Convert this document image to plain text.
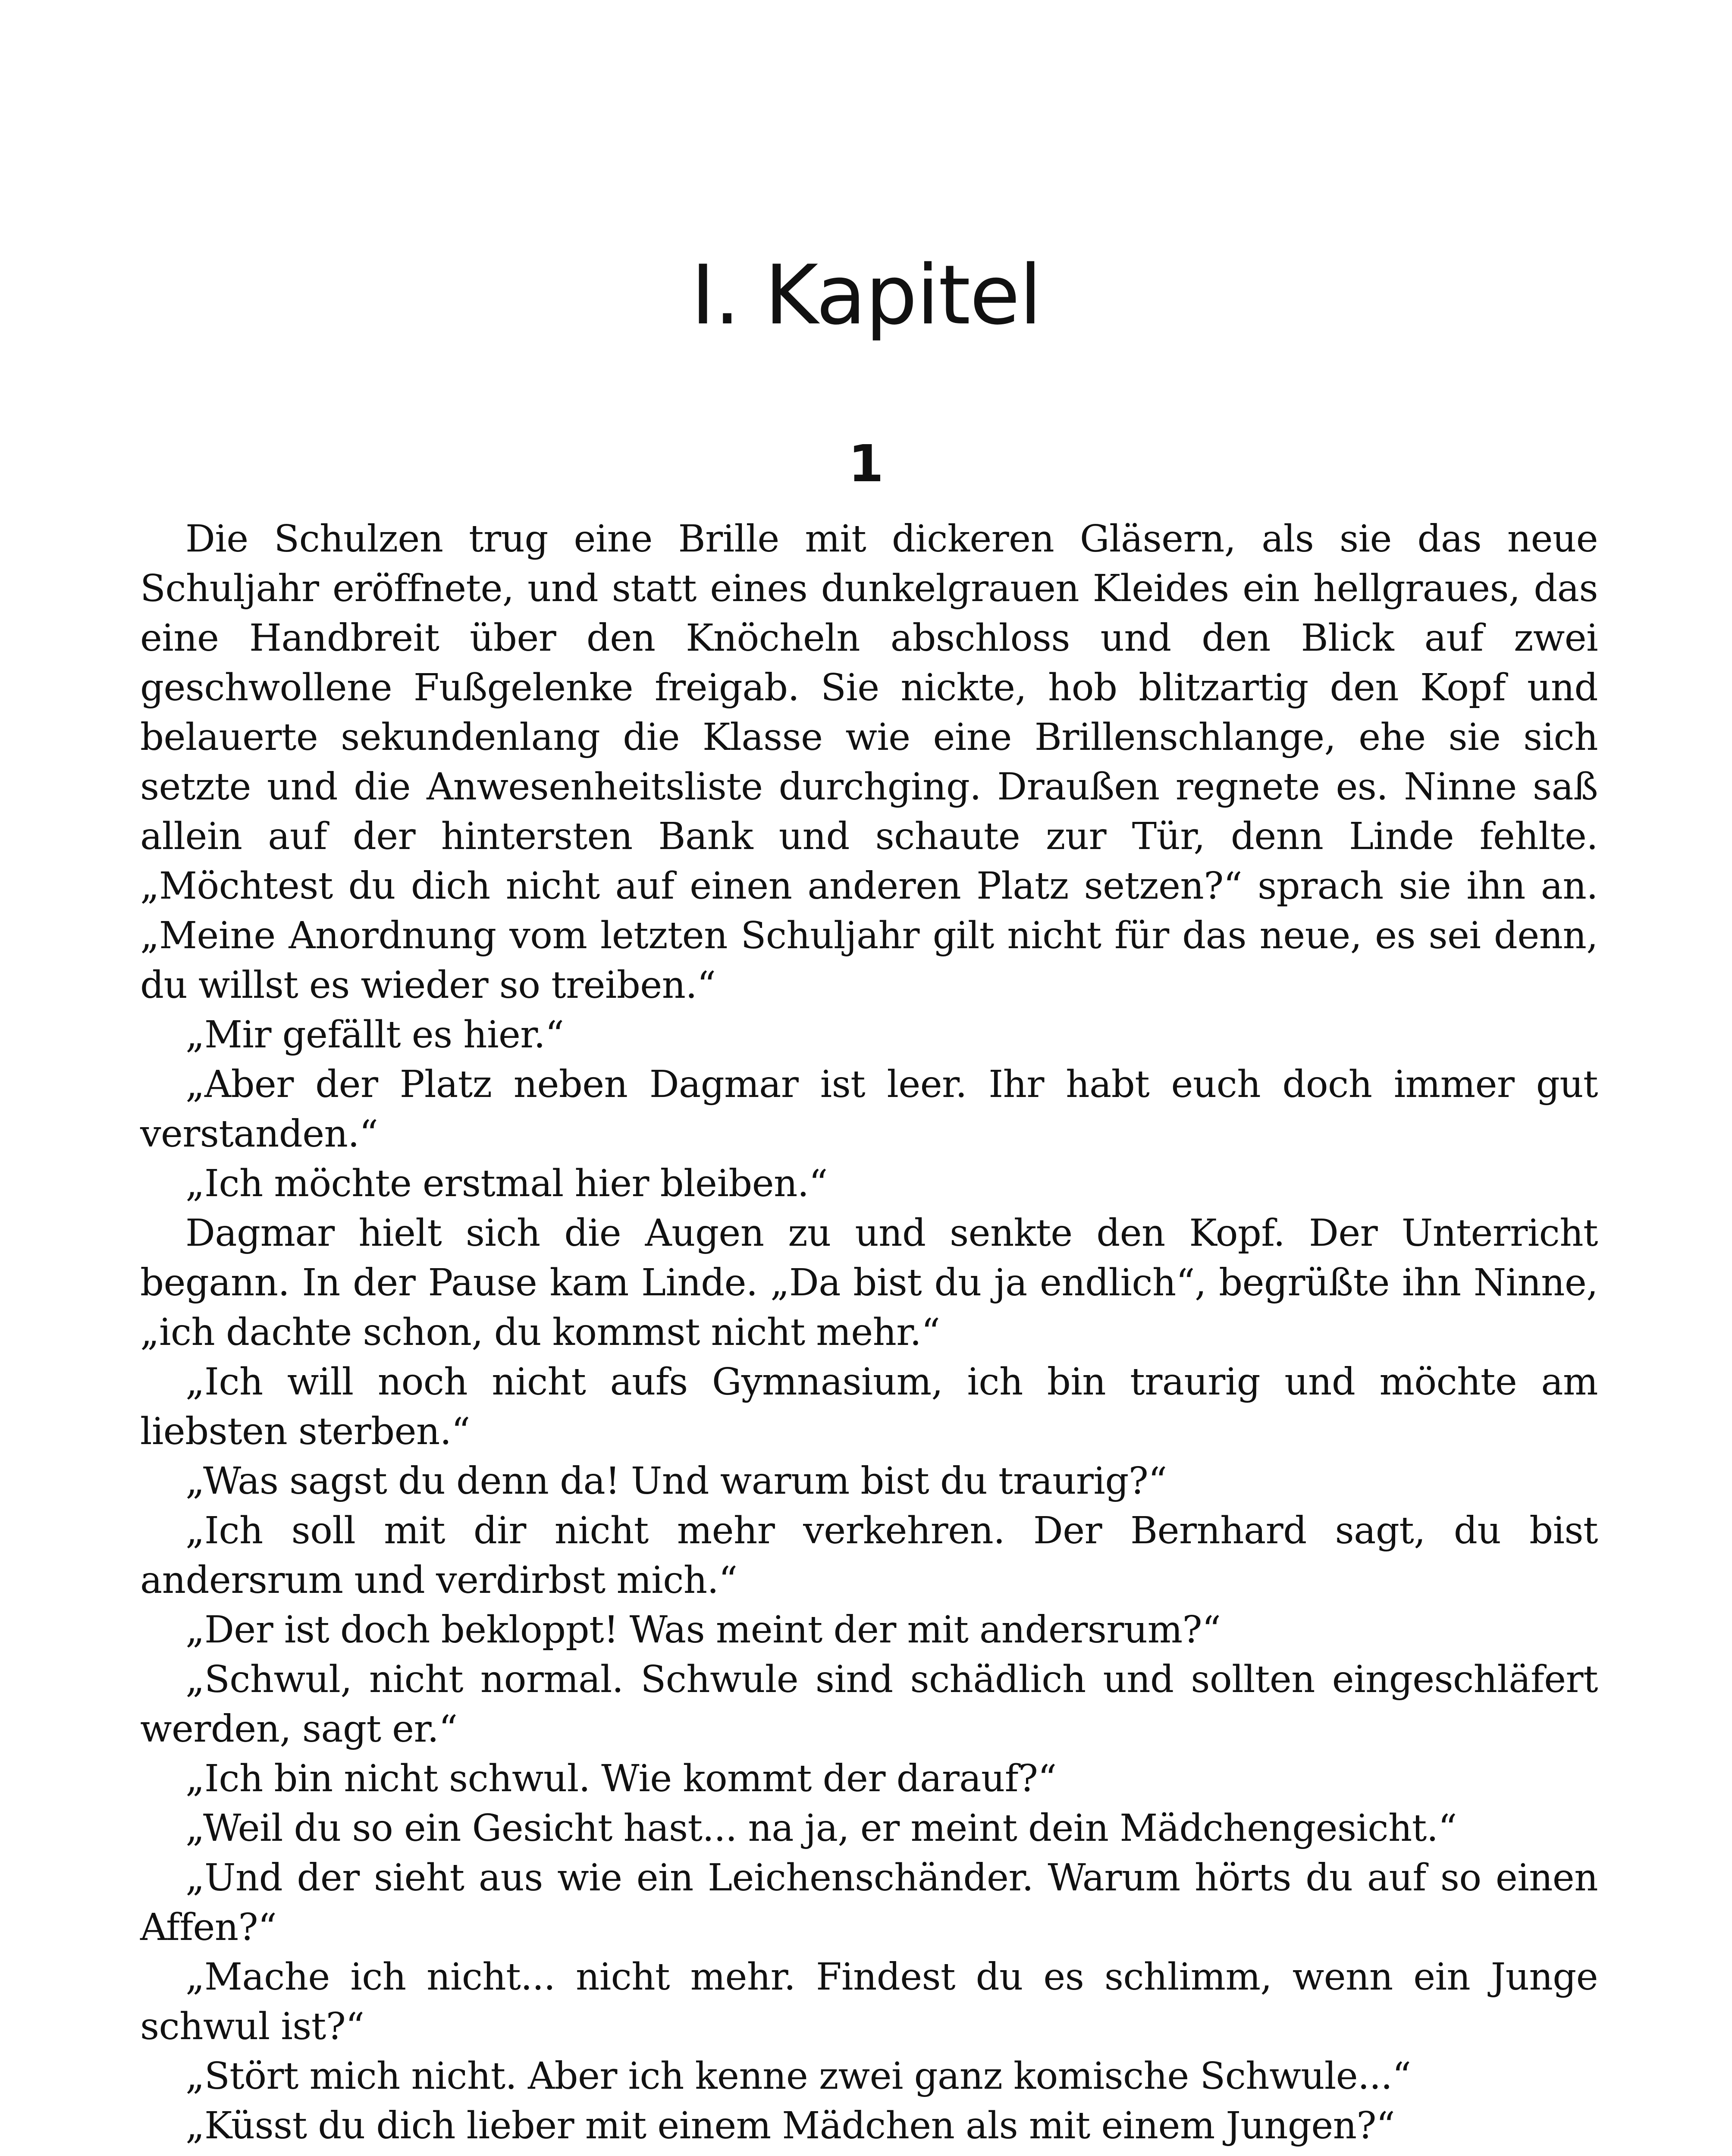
I. Kapitel
1

Die Schulzen trug eine Brille mit dickeren Gläsern, als sie das neue Schuljahr eröffnete, und statt eines dunkelgrauen Kleides ein hellgraues, das eine Handbreit über den Knöcheln abschloss und den Blick auf zwei geschwollene Fußgelenke freigab. Sie nickte, hob blitzartig den Kopf und belauerte sekundenlang die Klasse wie eine Brillenschlange, ehe sie sich setzte und die Anwesenheitsliste durchging. Draußen regnete es. Ninne saß allein auf der hintersten Bank und schaute zur Tür, denn Linde fehlte. „Möchtest du dich nicht auf einen anderen Platz setzen?“ sprach sie ihn an. „Meine Anordnung vom letzten Schuljahr gilt nicht für das neue, es sei denn, du willst es wieder so treiben.“

„Mir gefällt es hier.“

„Aber der Platz neben Dagmar ist leer. Ihr habt euch doch immer gut verstanden.“

„Ich möchte erstmal hier bleiben.“

Dagmar hielt sich die Augen zu und senkte den Kopf. Der Unterricht begann. In der Pause kam Linde. „Da bist du ja endlich“, begrüßte ihn Ninne, „ich dachte schon, du kommst nicht mehr.“

„Ich will noch nicht aufs Gymnasium, ich bin traurig und möchte am liebsten sterben.“

„Was sagst du denn da! Und warum bist du traurig?“

„Ich soll mit dir nicht mehr verkehren. Der Bernhard sagt, du bist andersrum und verdirbst mich.“

„Der ist doch bekloppt! Was meint der mit andersrum?“

„Schwul, nicht normal. Schwule sind schädlich und sollten eingeschläfert werden, sagt er.“

„Ich bin nicht schwul. Wie kommt der darauf?“

„Weil du so ein Gesicht hast... na ja, er meint dein Mädchengesicht.“

„Und der sieht aus wie ein Leichenschänder. Warum hörts du auf so einen Affen?“

„Mache ich nicht... nicht mehr. Findest du es schlimm, wenn ein Junge schwul ist?“

„Stört mich nicht. Aber ich kenne zwei ganz komische Schwule...“

„Küsst du dich lieber mit einem Mädchen als mit einem Jungen?“
